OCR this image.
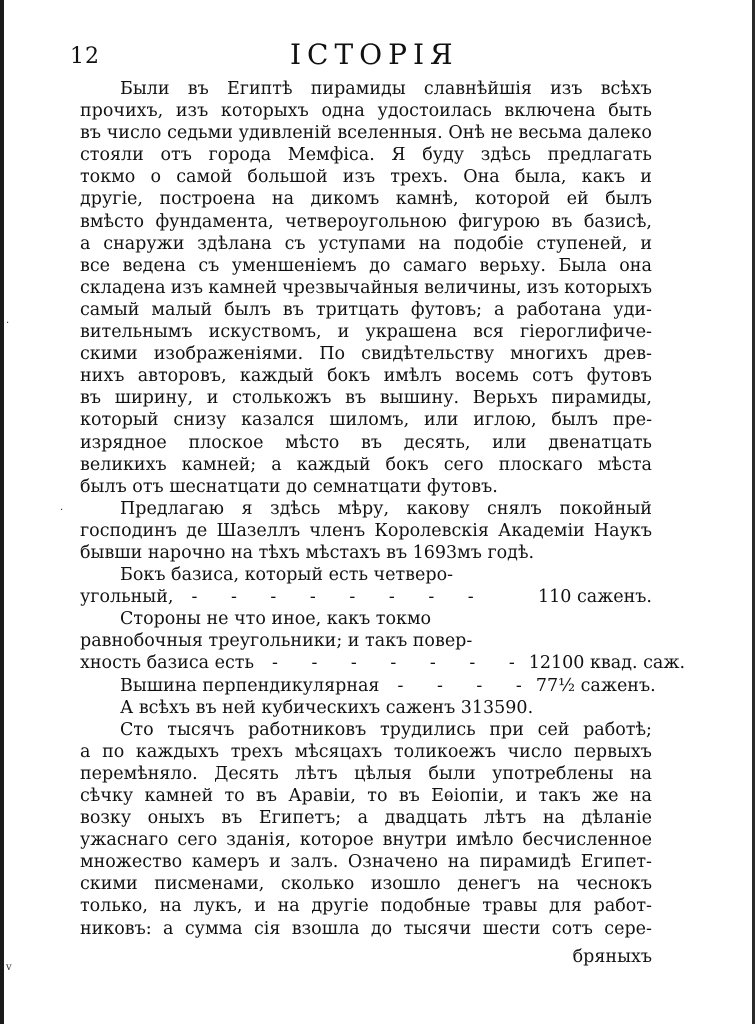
12	ІСТОРІЯ
·
·
v
Были въ Египтѣ пирамиды славнѣйшія изъ всѣхъ
прочихъ, изъ которыхъ одна удостоилась включена быть
въ число седьми удивленій вселенныя. Онѣ не весьма далеко
стояли отъ города Мемфіса. Я буду здѣсь предлагать
токмо о самой большой изъ трехъ. Она была, какъ и
другіе, построена на дикомъ камнѣ, которой ей былъ
вмѣсто фундамента, четвероугольною фигурою въ базисѣ,
а снаружи здѣлана съ уступами на подобіе ступеней, и
все ведена съ уменшеніемъ до самаго верьху. Была она
складена изъ камней чрезвычайныя величины, изъ которыхъ
самый малый былъ въ тритцать футовъ; а работана уди-
вительнымъ искуствомъ, и украшена вся гіероглифиче-
скими изображеніями. По свидѣтельству многихъ древ-
нихъ авторовъ, каждый бокъ имѣлъ восемь сотъ футовъ
въ ширину, и столькожъ въ вышину. Верьхъ пирамиды,
который снизу казался шиломъ, или иглою, былъ пре-
изрядное плоское мѣсто въ десять, или двенатцать
великихъ камней; а каждый бокъ сего плоскаго мѣста
былъ отъ шеснатцати до семнатцати футовъ.
Предлагаю я здѣсь мѣру, какову снялъ покойный
господинъ де Шазеллъ членъ Королевскія Академіи Наукъ
бывши нарочно на тѣхъ мѣстахъ въ 1693мъ годѣ.
Бокъ базиса, который есть четверо-
угольный,	- - - - - - - -	110 саженъ.
Стороны не что иное, какъ токмо
равнобочныя треугольники; и такъ повер-
хность базиса есть	- - - - - - - 12100 квад. саж.
Вышина перпендикулярная	- - - - 77½ саженъ.
А всѣхъ въ ней кубическихъ саженъ 313590.
Сто тысячъ работниковъ трудились при сей работѣ;
а по каждыхъ трехъ мѣсяцахъ толикоежъ число первыхъ
перемѣняло. Десять лѣтъ цѣлыя были употреблены на
сѣчку камней то въ Аравіи, то въ Еѳіопіи, и такъ же на
возку оныхъ въ Египетъ; а двадцать лѣтъ на дѣланіе
ужаснаго сего зданія, которое внутри имѣло бесчисленное
множество камеръ и залъ. Означено на пирамидѣ Египет-
скими писменами, сколько изошло денегъ на чеснокъ
только, на лукъ, и на другіе подобные травы для работ-
никовъ: а сумма сія взошла до тысячи шести сотъ сере-
бряныхъ
